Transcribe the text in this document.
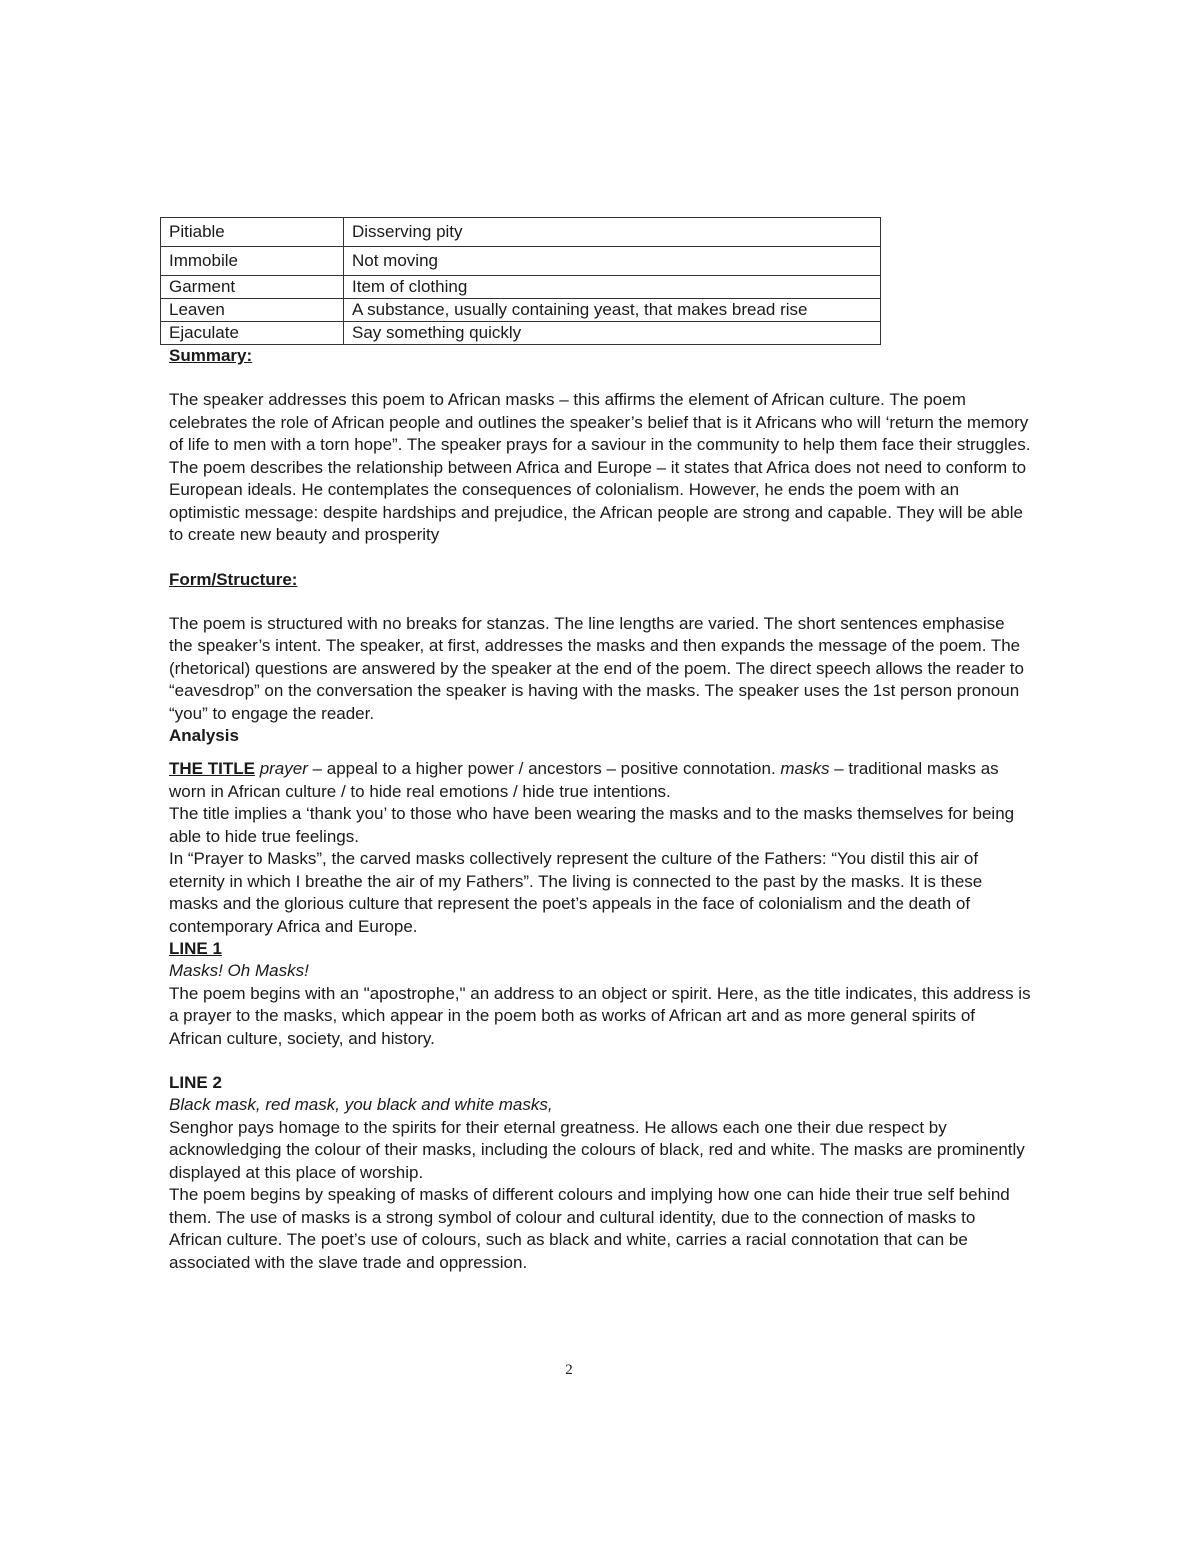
Pitiable	Disserving pity
Immobile	Not moving
Garment	Item of clothing
Leaven	A substance, usually containing yeast, that makes bread rise
Ejaculate	Say something quickly

Summary:

The speaker addresses this poem to African masks – this affirms the element of African culture. The poem celebrates the role of African people and outlines the speaker’s belief that is it Africans who will ‘return the memory of life to men with a torn hope”. The speaker prays for a saviour in the community to help them face their struggles. The poem describes the relationship between Africa and Europe – it states that Africa does not need to conform to European ideals. He contemplates the consequences of colonialism. However, he ends the poem with an optimistic message: despite hardships and prejudice, the African people are strong and capable. They will be able to create new beauty and prosperity

Form/Structure:

The poem is structured with no breaks for stanzas. The line lengths are varied. The short sentences emphasise the speaker’s intent. The speaker, at first, addresses the masks and then expands the message of the poem. The (rhetorical) questions are answered by the speaker at the end of the poem. The direct speech allows the reader to “eavesdrop” on the conversation the speaker is having with the masks. The speaker uses the 1st person pronoun “you” to engage the reader.

Analysis

THE TITLE prayer – appeal to a higher power / ancestors – positive connotation. masks – traditional masks as worn in African culture / to hide real emotions / hide true intentions.

The title implies a ‘thank you’ to those who have been wearing the masks and to the masks themselves for being able to hide true feelings.

In “Prayer to Masks”, the carved masks collectively represent the culture of the Fathers: “You distil this air of eternity in which I breathe the air of my Fathers”. The living is connected to the past by the masks. It is these masks and the glorious culture that represent the poet’s appeals in the face of colonialism and the death of contemporary Africa and Europe.

LINE 1

Masks! Oh Masks!

The poem begins with an "apostrophe," an address to an object or spirit. Here, as the title indicates, this address is a prayer to the masks, which appear in the poem both as works of African art and as more general spirits of African culture, society, and history.

LINE 2

Black mask, red mask, you black and white masks,

Senghor pays homage to the spirits for their eternal greatness. He allows each one their due respect by acknowledging the colour of their masks, including the colours of black, red and white. The masks are prominently displayed at this place of worship.

The poem begins by speaking of masks of different colours and implying how one can hide their true self behind them. The use of masks is a strong symbol of colour and cultural identity, due to the connection of masks to African culture. The poet’s use of colours, such as black and white, carries a racial connotation that can be associated with the slave trade and oppression.

2
